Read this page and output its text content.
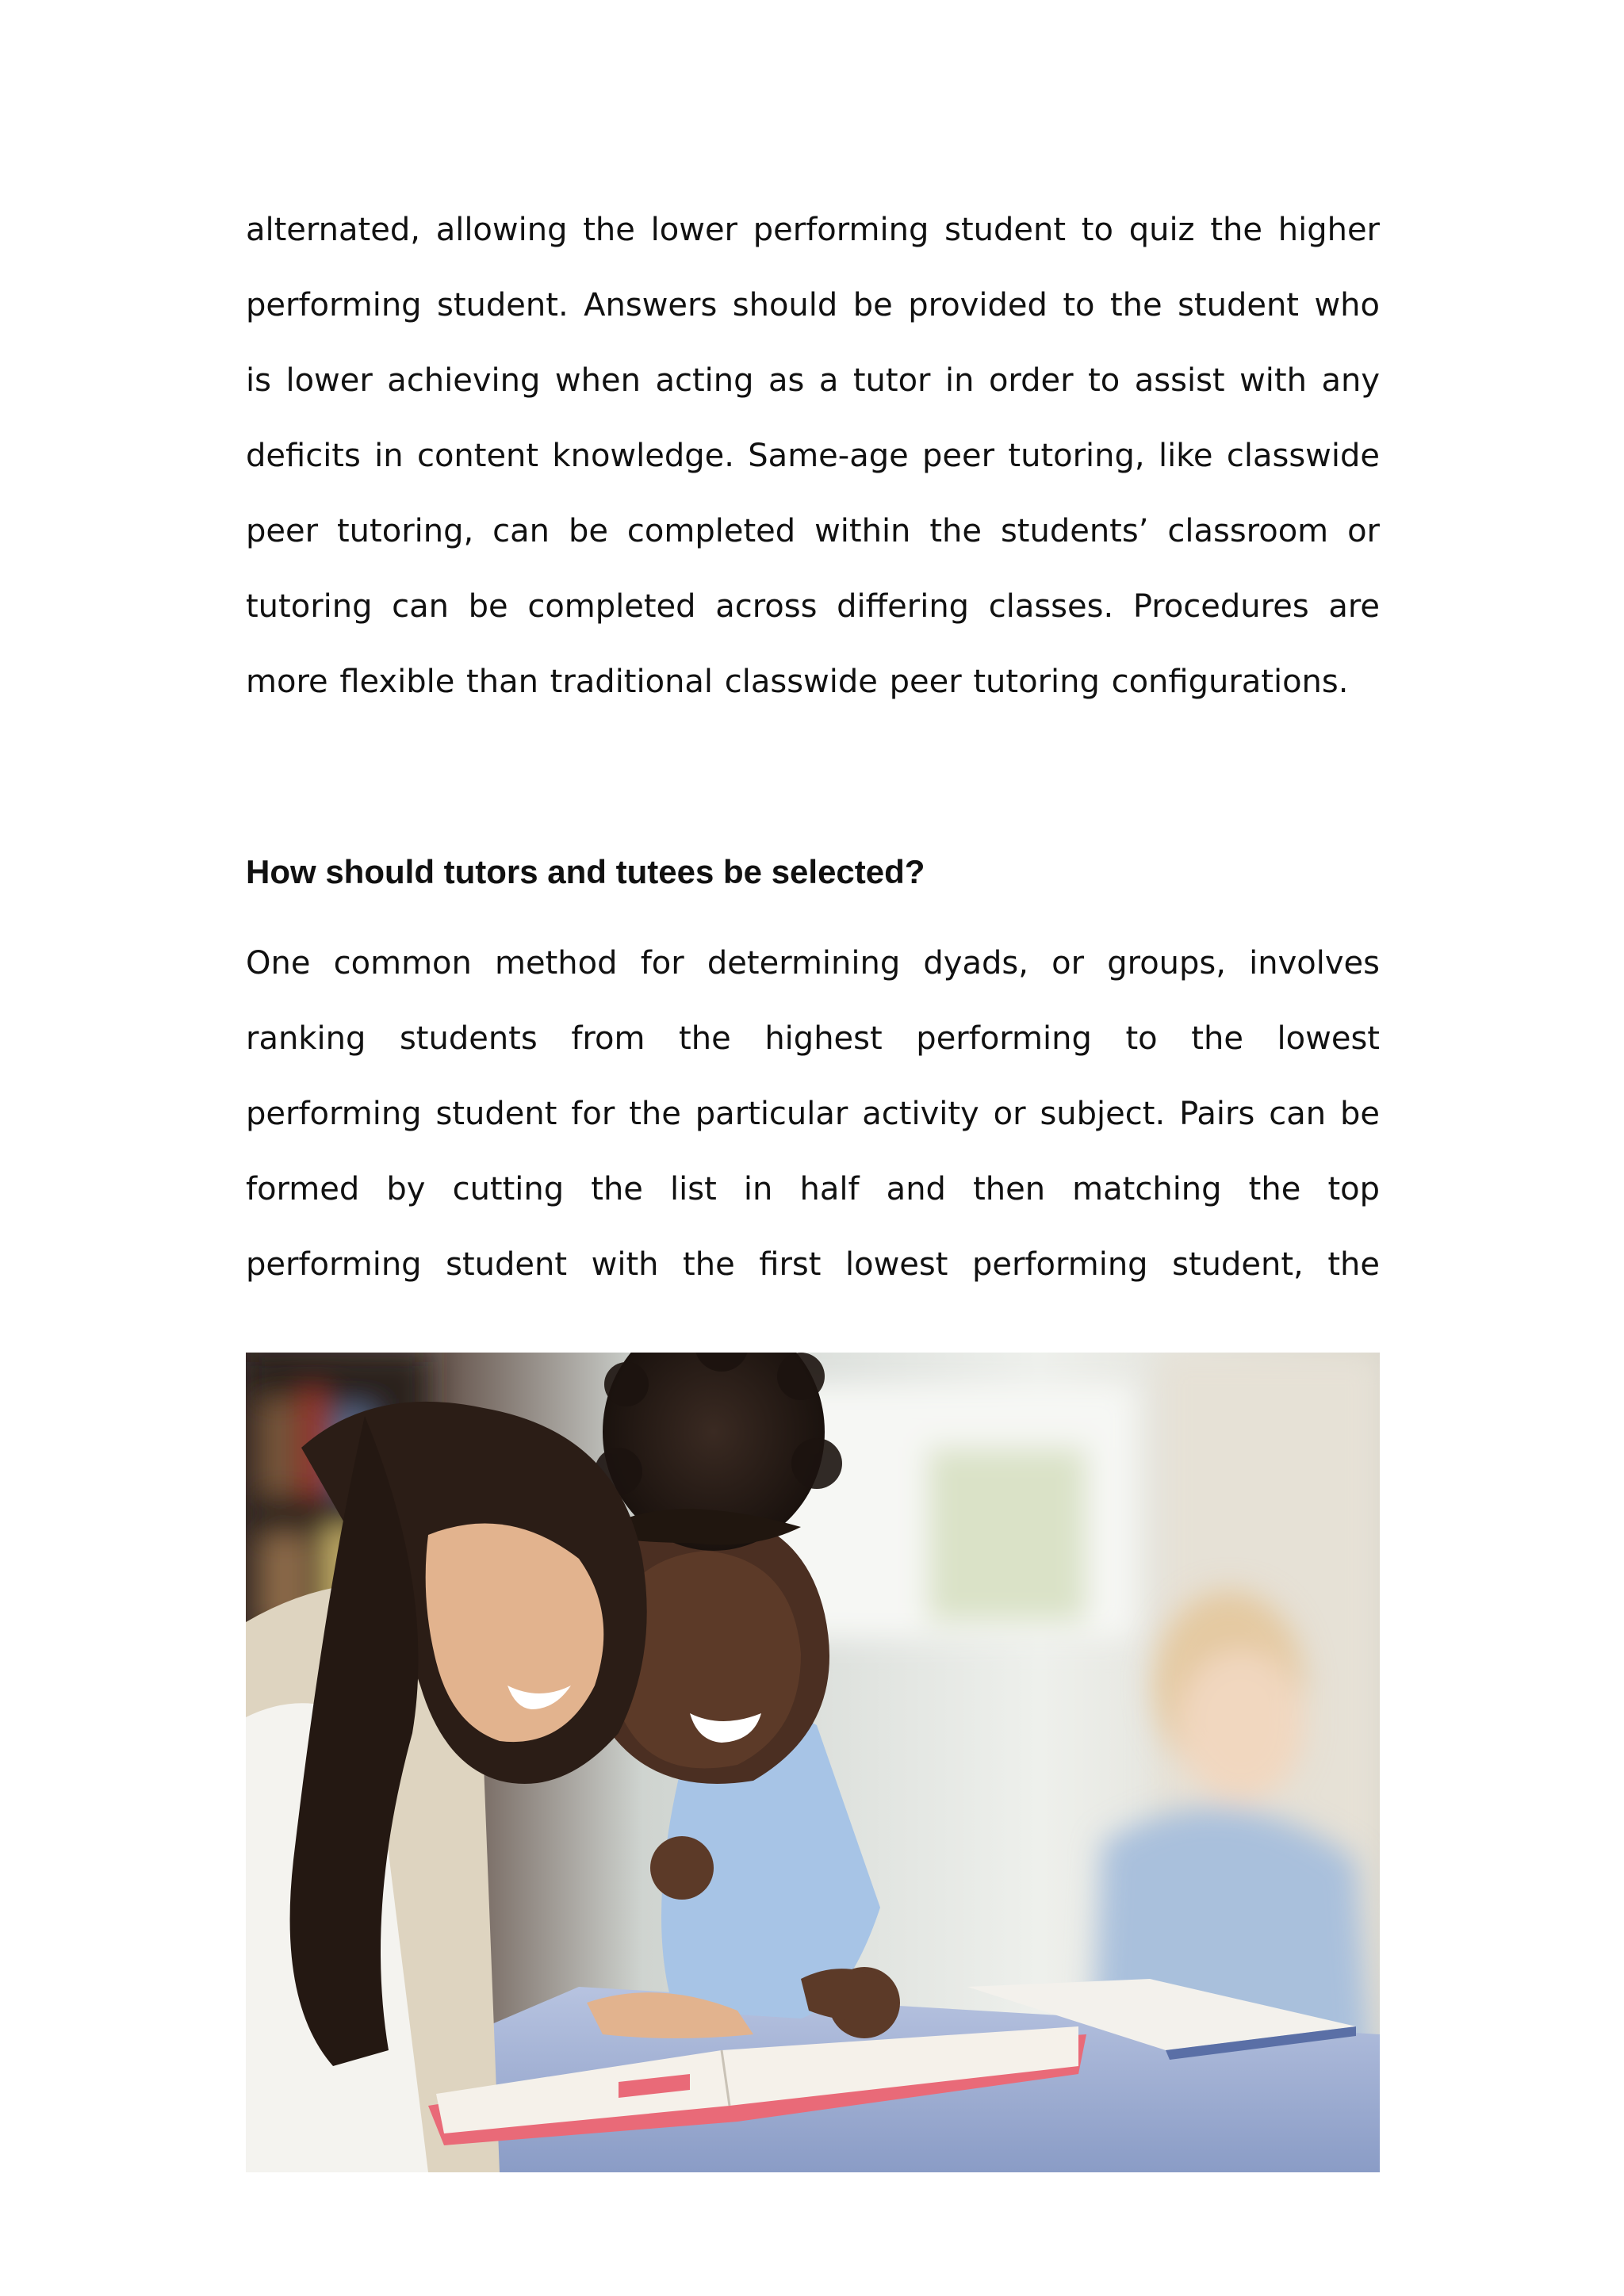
alternated, allowing the lower performing student to quiz the higher
performing student. Answers should be provided to the student who
is lower achieving when acting as a tutor in order to assist with any
deficits in content knowledge. Same-age peer tutoring, like classwide
peer tutoring, can be completed within the students’ classroom or
tutoring can be completed across differing classes. Procedures are
more flexible than traditional classwide peer tutoring configurations.
How should tutors and tutees be selected?
One common method for determining dyads, or groups, involves
ranking students from the highest performing to the lowest
performing student for the particular activity or subject. Pairs can be
formed by cutting the list in half and then matching the top
performing student with the first lowest performing student, the
